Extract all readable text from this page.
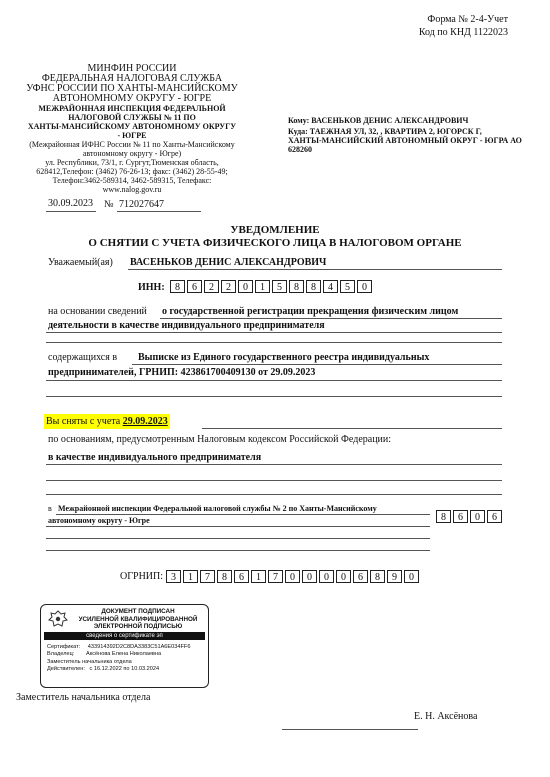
Форма № 2-4-Учет
Код по КНД 1122023
МИНФИН РОССИИ
ФЕДЕРАЛЬНАЯ НАЛОГОВАЯ СЛУЖБА
УФНС РОССИИ ПО ХАНТЫ-МАНСИЙСКОМУ
АВТОНОМНОМУ ОКРУГУ - ЮГРЕ
МЕЖРАЙОННАЯ ИНСПЕКЦИЯ ФЕДЕРАЛЬНОЙ
НАЛОГОВОЙ СЛУЖБЫ № 11 ПО
ХАНТЫ-МАНСИЙСКОМУ АВТОНОМНОМУ ОКРУГУ
- ЮГРЕ
(Межрайонная ИФНС России № 11 по Ханты-Мансийскому
автономному округу - Югре)
ул. Республики, 73/1, г. Сургут,Тюменская область,
628412,Телефон: (3462) 76-26-13; факс: (3462) 28-55-49;
Телефон:3462-589314, 3462-589315, Телефакс:
www.nalog.gov.ru
Кому: ВАСЕНЬКОВ ДЕНИС АЛЕКСАНДРОВИЧ
Куда: ТАЕЖНАЯ УЛ, 32, , КВАРТИРА 2, ЮГОРСК Г,
ХАНТЫ-МАНСИЙСКИЙ АВТОНОМНЫЙ ОКРУГ - ЮГРА АО
628260
30.09.2023 № 712027647
УВЕДОМЛЕНИЕ
О СНЯТИИ С УЧЕТА ФИЗИЧЕСКОГО ЛИЦА В НАЛОГОВОМ ОРГАНЕ
Уважаемый(ая) ВАСЕНЬКОВ ДЕНИС АЛЕКСАНДРОВИЧ
ИНН:	8	6	2	2	0	1	5	8	8	4	5	0
на основании сведений о государственной регистрации прекращения физическим лицом
деятельности в качестве индивидуального предпринимателя
содержащихся в Выписке из Единого государственного реестра индивидуальных
предпринимателей, ГРНИП: 423861700409130 от 29.09.2023
Вы сняты с учета 29.09.2023
по основаниям, предусмотренным Налоговым кодексом Российской Федерации:
в качестве индивидуального предпринимателя
в Межрайонной инспекции Федеральной налоговой службы № 2 по Ханты-Мансийскому
автономному округу - Югре	8	6	0	6
ОГРНИП: 3	1	7	8	6	1	7	0	0	0	0	6	8	9	0
ДОКУМЕНТ ПОДПИСАН
УСИЛЕННОЙ КВАЛИФИЦИРОВАННОЙ
ЭЛЕКТРОННОЙ ПОДПИСЬЮ
сведения о сертификате эп
Сертификат: 433914392D2C8DA3383C51A6E034FF6
Владелец: Аксёнова Елена Николаевна
Заместитель начальника отдела
Действителен: с 16.12.2022 по 10.03.2024
Заместитель начальника отдела
Е. Н. Аксёнова
